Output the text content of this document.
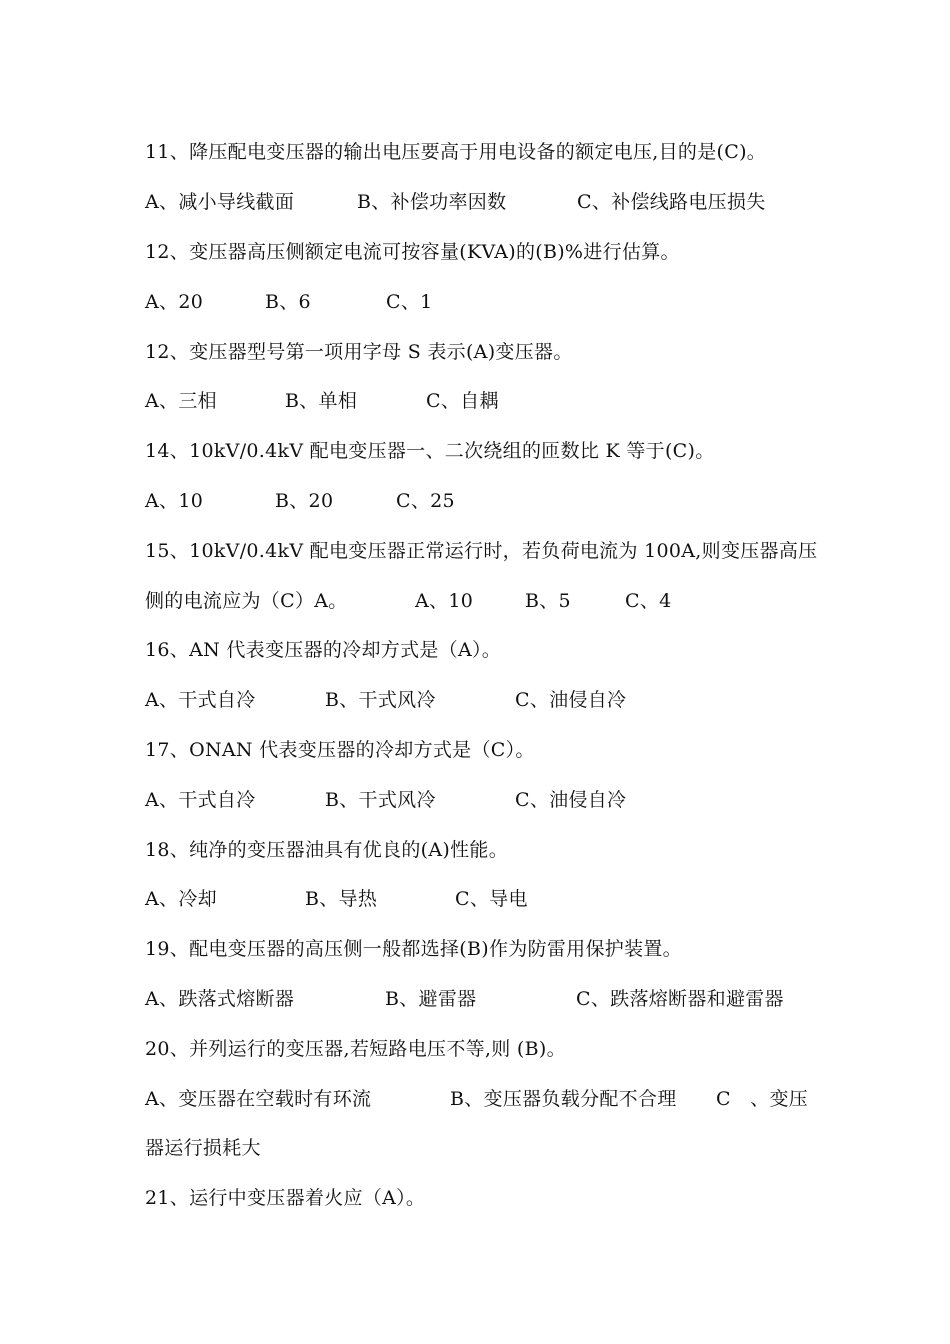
11、降压配电变压器的输出电压要高于用电设备的额定电压,目的是(C)。
A、减小导线截面	B、补偿功率因数	C、补偿线路电压损失
12、变压器高压侧额定电流可按容量(KVA)的(B)%进行估算。
A、20	B、6	C、1
12、变压器型号第一项用字母 S 表示(A)变压器。
A、三相	B、单相	C、自耦
14、10kV/0.4kV 配电变压器一、二次绕组的匝数比 K 等于(C)。
A、10	B、20	C、25
15、10kV/0.4kV 配电变压器正常运行时，若负荷电流为 100A,则变压器高压
侧的电流应为（C）A。	A、10	B、5	C、4
16、AN 代表变压器的冷却方式是（A）。
A、干式自冷	B、干式风冷	C、油侵自冷
17、ONAN 代表变压器的冷却方式是（C）。
A、干式自冷	B、干式风冷	C、油侵自冷
18、纯净的变压器油具有优良的(A)性能。
A、冷却	B、导热	C、导电
19、配电变压器的高压侧一般都选择(B)作为防雷用保护装置。
A、跌落式熔断器	B、避雷器	C、跌落熔断器和避雷器
20、并列运行的变压器,若短路电压不等,则 (B)。
A、变压器在空载时有环流	B、变压器负载分配不合理 C　、变压
器运行损耗大
21、运行中变压器着火应（A）。
